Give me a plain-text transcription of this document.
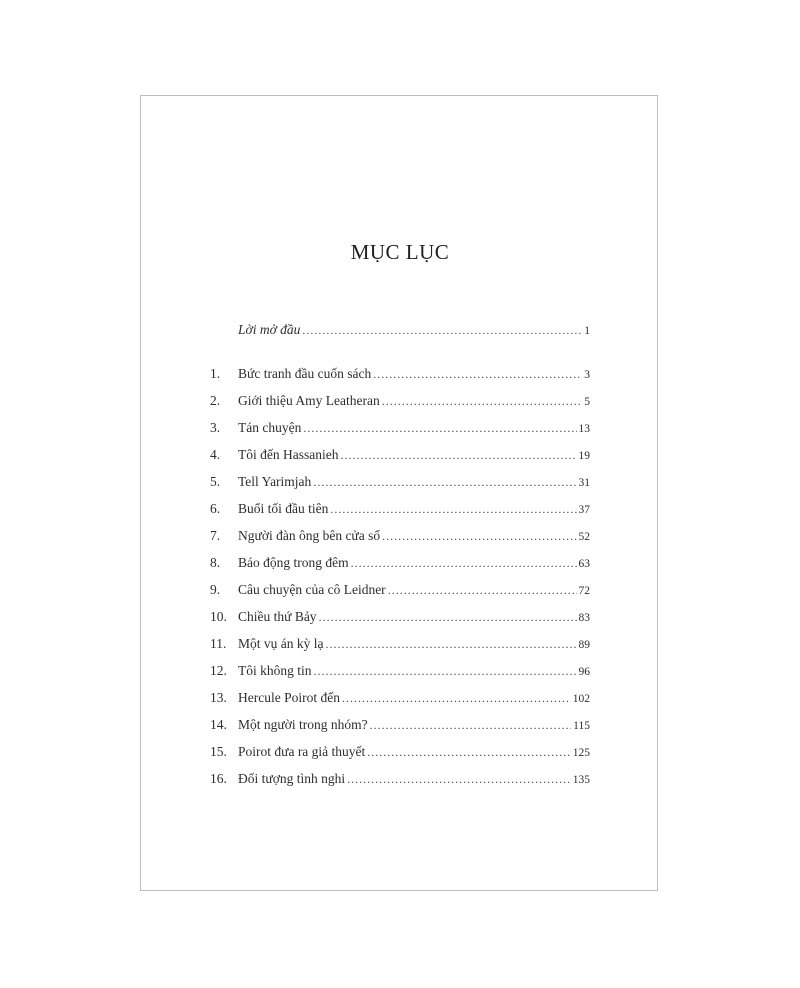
MỤC LỤC
Lời mở đầu .....	1
1.	Bức tranh đầu cuốn sách .....	3
2.	Giới thiệu Amy Leatheran .....	5
3.	Tán chuyện .....	13
4.	Tôi đến Hassanieh .....	19
5.	Tell Yarimjah .....	31
6.	Buổi tối đầu tiên .....	37
7.	Người đàn ông bên cửa sổ .....	52
8.	Báo động trong đêm .....	63
9.	Câu chuyện của cô Leidner .....	72
10. Chiều thứ Bảy .....	83
11. Một vụ án kỳ lạ .....	89
12. Tôi không tin .....	96
13. Hercule Poirot đến .....	102
14. Một người trong nhóm? .....	115
15. Poirot đưa ra giả thuyết .....	125
16. Đối tượng tình nghi .....	135
